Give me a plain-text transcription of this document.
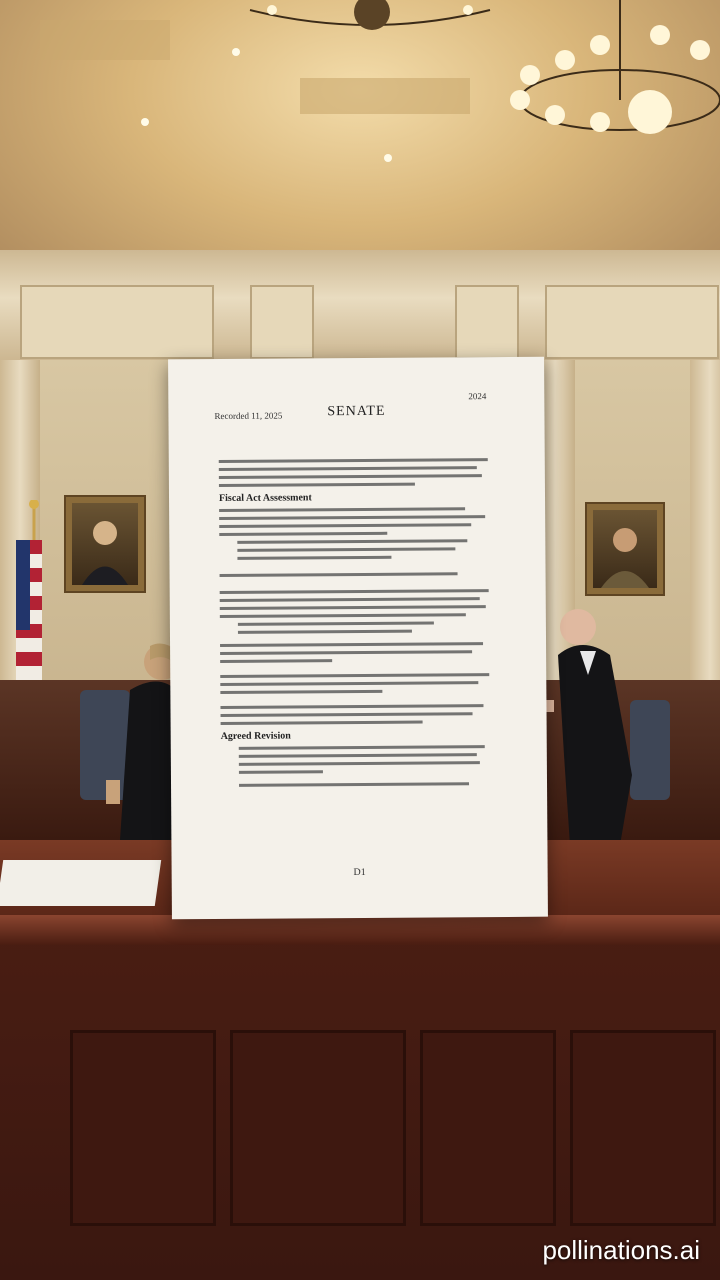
Recorded 11, 2025
2024
SENATE
Fiscal Act Assessment
Agreed Revision
D1
pollinations.ai
